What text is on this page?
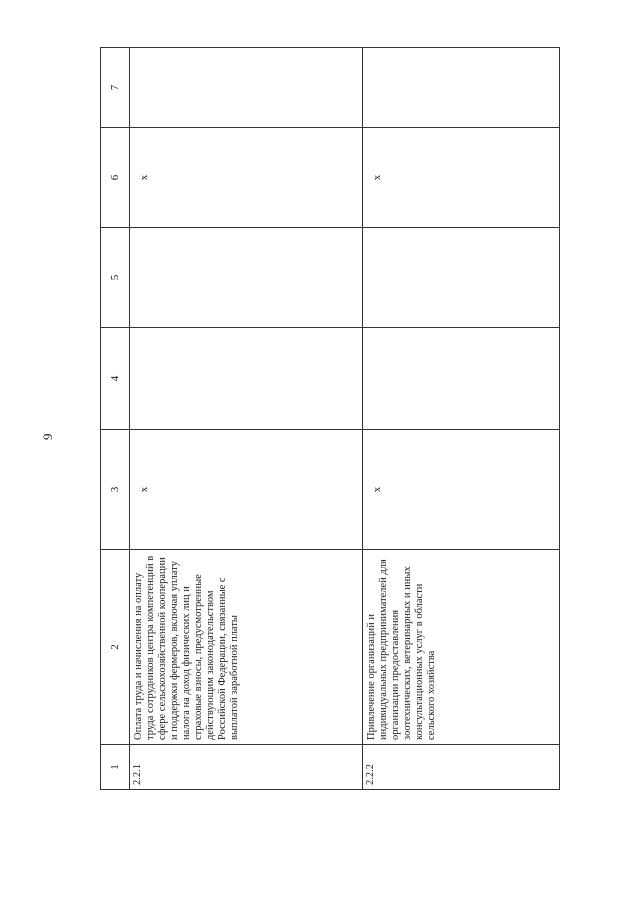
9
1	2	3	4	5	6	7
2.2.1	Оплата труда и начисления на оплату труда сотрудников центра компетенций в сфере сельскохозяйственной кооперации и поддержки фермеров, включая уплату налога на доход физических лиц и страховые взносы, предусмотренные действующим законодательством Российской Федерации, связанные с выплатой заработной платы	x			x	
2.2.2	Привлечение организаций и индивидуальных предпринимателей для организации предоставления зоотехнических, ветеринарных и иных консультационных услуг в области сельского хозяйства	x			x	
